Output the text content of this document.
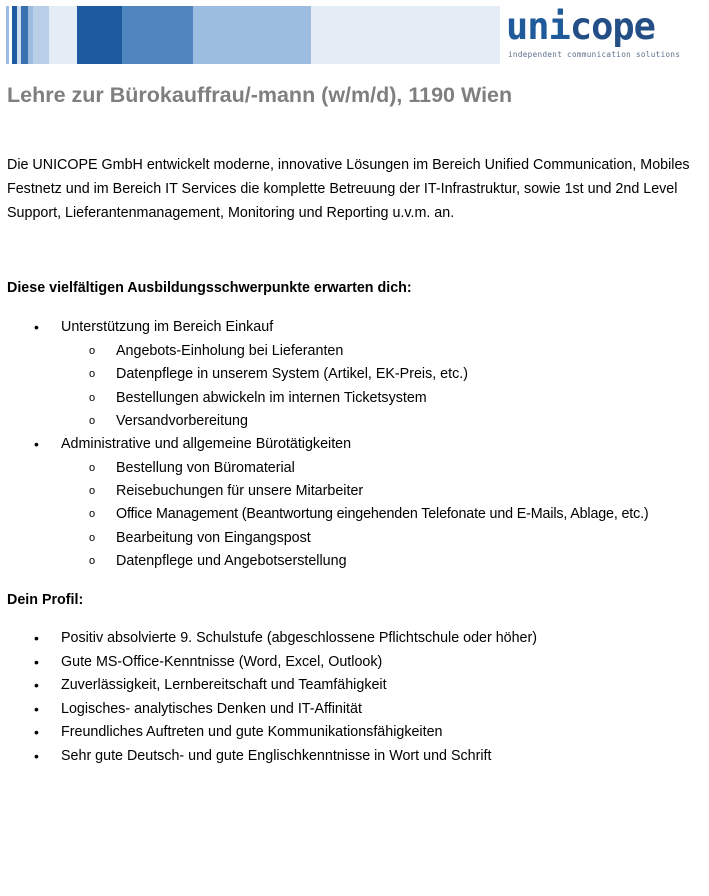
unicope
independent communication solutions
Lehre zur Bürokauffrau/-mann (w/m/d), 1190 Wien

Die UNICOPE GmbH entwickelt moderne, innovative Lösungen im Bereich Unified Communication, Mobiles Festnetz und im Bereich IT Services die komplette Betreuung der IT-Infrastruktur, sowie 1st und 2nd Level Support, Lieferantenmanagement, Monitoring und Reporting u.v.m. an.

Diese vielfältigen Ausbildungsschwerpunkte erwarten dich:

• Unterstützung im Bereich Einkauf
o Angebots-Einholung bei Lieferanten
o Datenpflege in unserem System (Artikel, EK-Preis, etc.)
o Bestellungen abwickeln im internen Ticketsystem
o Versandvorbereitung
• Administrative und allgemeine Bürotätigkeiten
o Bestellung von Büromaterial
o Reisebuchungen für unsere Mitarbeiter
o Office Management (Beantwortung eingehenden Telefonate und E-Mails, Ablage, etc.)
o Bearbeitung von Eingangspost
o Datenpflege und Angebotserstellung

Dein Profil:

• Positiv absolvierte 9. Schulstufe (abgeschlossene Pflichtschule oder höher)
• Gute MS-Office-Kenntnisse (Word, Excel, Outlook)
• Zuverlässigkeit, Lernbereitschaft und Teamfähigkeit
• Logisches- analytisches Denken und IT-Affinität
• Freundliches Auftreten und gute Kommunikationsfähigkeiten
• Sehr gute Deutsch- und gute Englischkenntnisse in Wort und Schrift
